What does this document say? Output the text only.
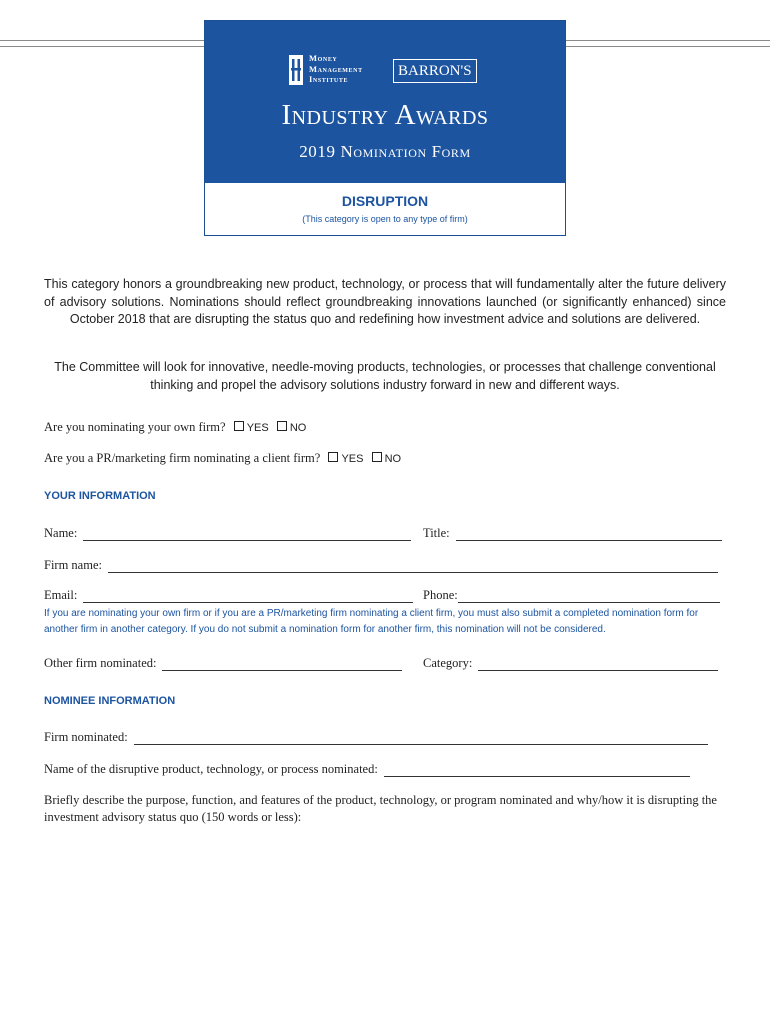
Money
Management
Institute	BARRON'S
Industry Awards
2019 Nomination Form
DISRUPTION
(This category is open to any type of firm)
This category honors a groundbreaking new product, technology, or process that will fundamentally alter the future delivery of advisory solutions. Nominations should reflect groundbreaking innovations launched (or significantly enhanced) since October 2018 that are disrupting the status quo and redefining how investment advice and solutions are delivered.
The Committee will look for innovative, needle-moving products, technologies, or processes that challenge conventional thinking and propel the advisory solutions industry forward in new and different ways.
Are you nominating your own firm? YES NO
Are you a PR/marketing firm nominating a client firm? YES NO
YOUR INFORMATION
Name:	Title:
Firm name:
Email:	Phone:
If you are nominating your own firm or if you are a PR/marketing firm nominating a client firm, you must also submit a completed nomination form for another firm in another category. If you do not submit a nomination form for another firm, this nomination will not be considered.
Other firm nominated:	Category:
NOMINEE INFORMATION
Firm nominated:
Name of the disruptive product, technology, or process nominated:
Briefly describe the purpose, function, and features of the product, technology, or program nominated and why/how it is disrupting the investment advisory status quo (150 words or less):
